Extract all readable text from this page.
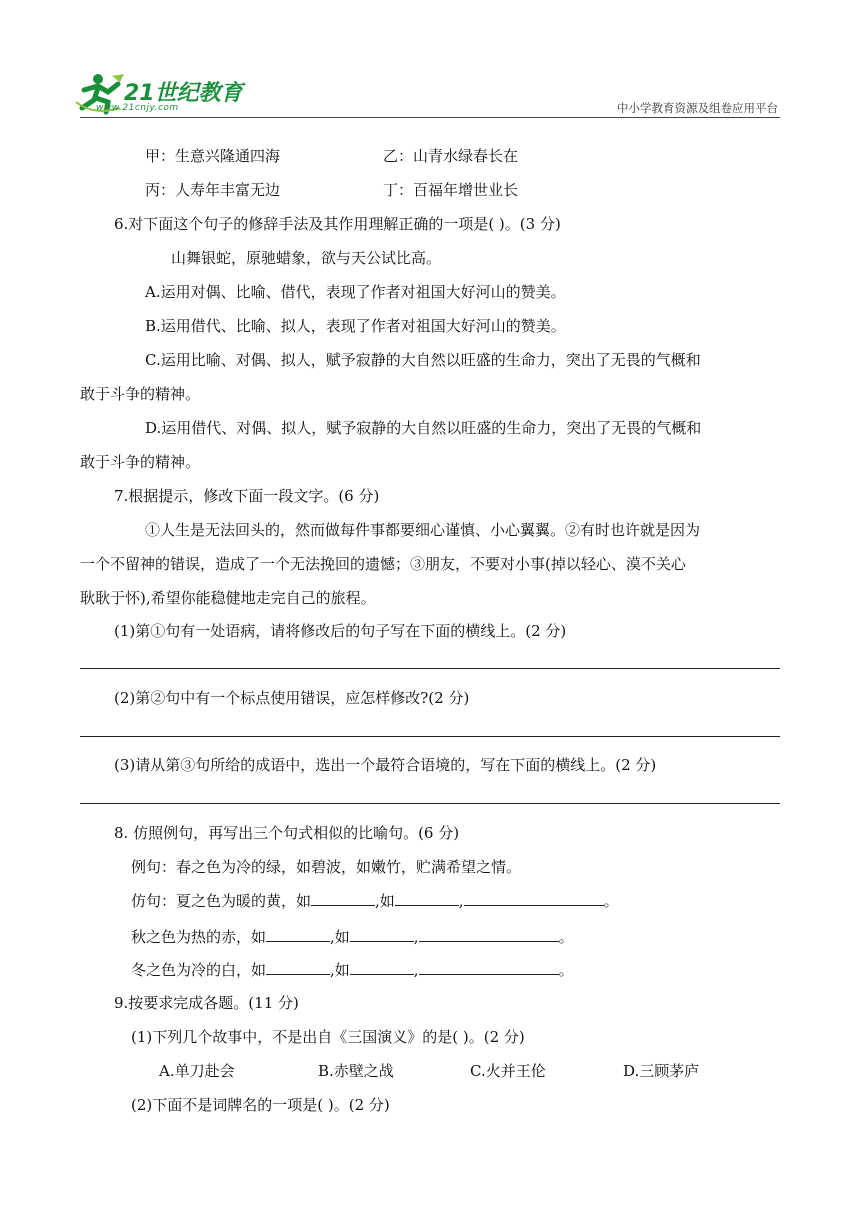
21世纪教育
www.21cnjy.com	中小学教育资源及组卷应用平台
甲：生意兴隆通四海	乙：山青水绿春长在
丙：人寿年丰富无边	丁：百福年增世业长
6.对下面这个句子的修辞手法及其作用理解正确的一项是( )。(3 分)
山舞银蛇，原驰蜡象，欲与天公试比高。
A.运用对偶、比喻、借代，表现了作者对祖国大好河山的赞美。
B.运用借代、比喻、拟人，表现了作者对祖国大好河山的赞美。
C.运用比喻、对偶、拟人，赋予寂静的大自然以旺盛的生命力，突出了无畏的气概和
敢于斗争的精神。
D.运用借代、对偶、拟人，赋予寂静的大自然以旺盛的生命力，突出了无畏的气概和
敢于斗争的精神。
7.根据提示，修改下面一段文字。(6 分)
①人生是无法回头的，然而做每件事都要细心谨慎、小心翼翼。②有时也许就是因为
一个不留神的错误，造成了一个无法挽回的遗憾；③朋友，不要对小事(掉以轻心、漠不关心
耿耿于怀),希望你能稳健地走完自己的旅程。
(1)第①句有一处语病，请将修改后的句子写在下面的横线上。(2 分)
(2)第②句中有一个标点使用错误，应怎样修改?(2 分)
(3)请从第③句所给的成语中，选出一个最符合语境的，写在下面的横线上。(2 分)
8. 仿照例句，再写出三个句式相似的比喻句。(6 分)
例句：春之色为冷的绿，如碧波，如嫩竹，贮满希望之情。
仿句：夏之色为暖的黄，如	,如	,	。
秋之色为热的赤，如	,如	,	。
冬之色为冷的白，如	,如	,	。
9.按要求完成各题。(11 分)
(1)下列几个故事中，不是出自《三国演义》的是( )。(2 分)
A.单刀赴会	B.赤壁之战	C.火并王伦	D.三顾茅庐
(2)下面不是词牌名的一项是( )。(2 分)
